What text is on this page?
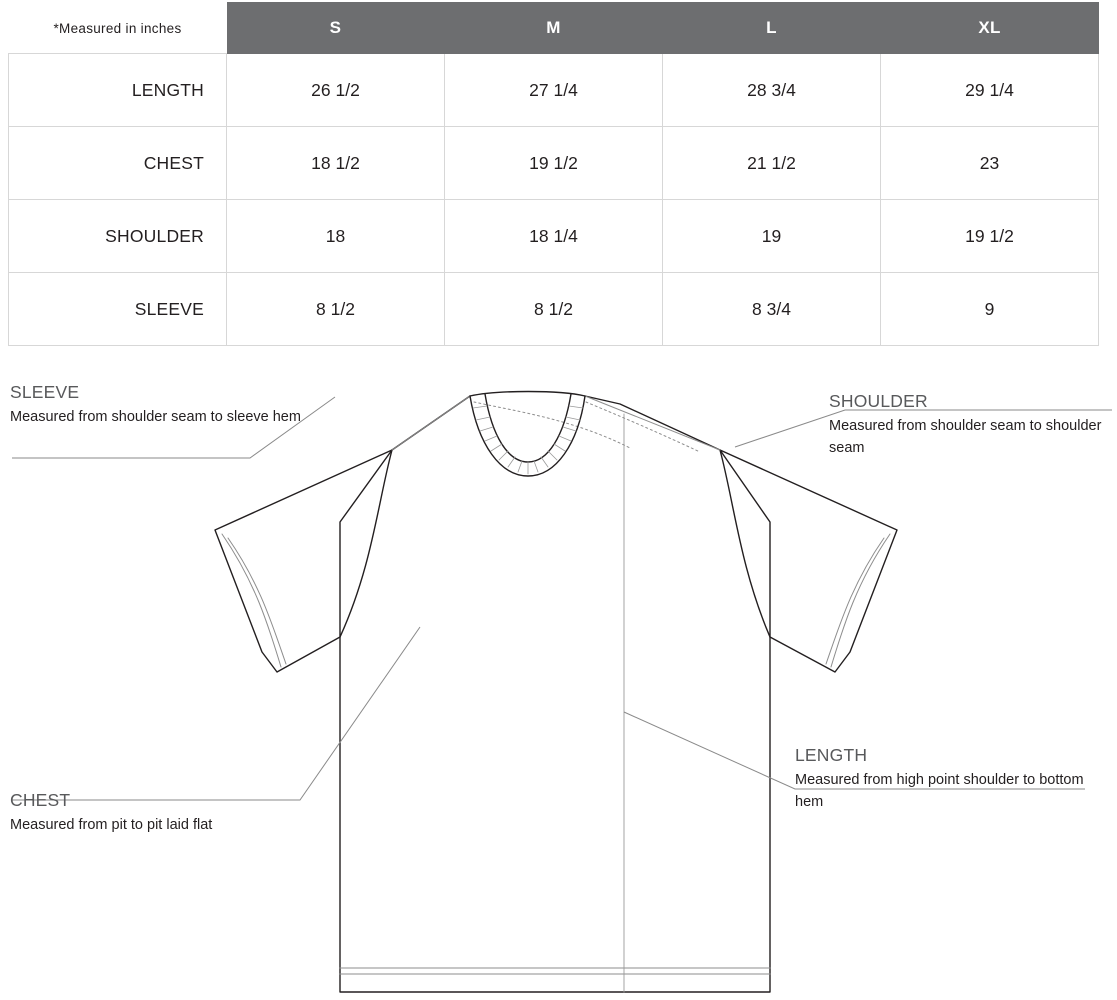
*Measured in inches	S	M	L	XL
LENGTH	26 1/2	27 1/4	28 3/4	29 1/4
CHEST	18 1/2	19 1/2	21 1/2	23
SHOULDER	18	18 1/4	19	19 1/2
SLEEVE	8 1/2	8 1/2	8 3/4	9
SLEEVE
Measured from shoulder seam to sleeve hem
SHOULDER
Measured from shoulder seam to shoulder seam
CHEST
Measured from pit to pit laid flat
LENGTH
Measured from high point shoulder to bottom hem
